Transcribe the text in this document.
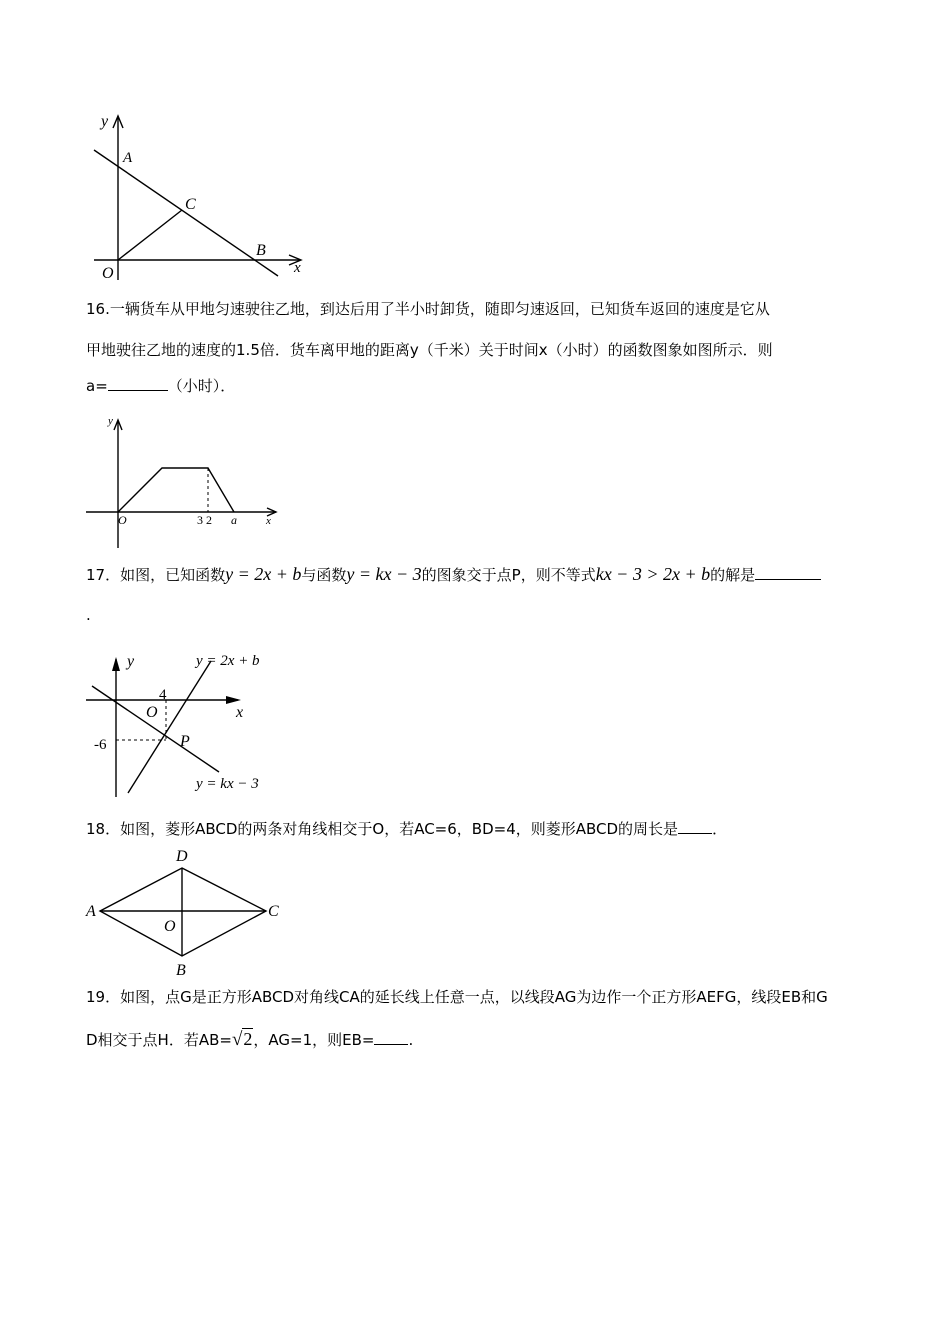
y
A
C
O
B
x
16.一辆货车从甲地匀速驶往乙地，到达后用了半小时卸货，随即匀速返回，已知货车返回的速度是它从
甲地驶往乙地的速度的1.5倍．货车离甲地的距离y（千米）关于时间x（小时）的函数图象如图所示．则
a=	（小时）．
y
O	3 2 a	x
17．如图，已知函数y = 2x + b与函数y = kx − 3的图象交于点P，则不等式kx − 3 > 2x + b的解是
.
y
x
O
4
-6	P
y = 2x + b
y = kx − 3
18．如图，菱形ABCD的两条对角线相交于O，若AC=6，BD=4，则菱形ABCD的周长是 ．
D
A
O
C
B
19．如图，点G是正方形ABCD对角线CA的延长线上任意一点，以线段AG为边作一个正方形AEFG，线段EB和G
D相交于点H．若AB=√2，AG=1，则EB= .
